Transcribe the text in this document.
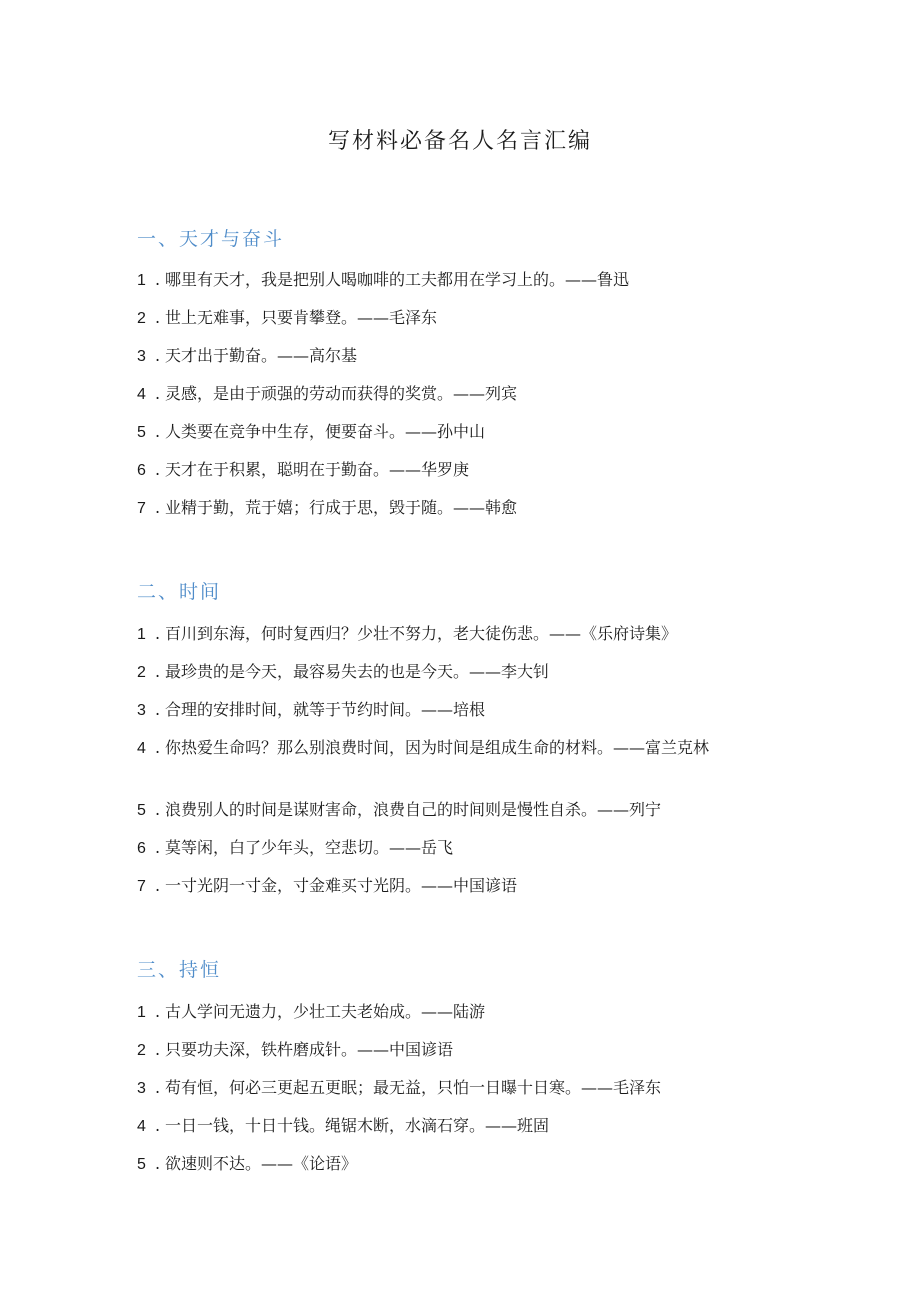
写材料必备名人名言汇编
一、天才与奋斗
1 . 哪里有天才，我是把别人喝咖啡的工夫都用在学习上的。——鲁迅
2 . 世上无难事，只要肯攀登。——毛泽东
3 . 天才出于勤奋。——高尔基
4 . 灵感，是由于顽强的劳动而获得的奖赏。——列宾
5 . 人类要在竞争中生存，便要奋斗。——孙中山
6 . 天才在于积累，聪明在于勤奋。——华罗庚
7 . 业精于勤，荒于嬉；行成于思，毁于随。——韩愈
二、时间
1 . 百川到东海，何时复西归？少壮不努力，老大徒伤悲。——《乐府诗集》
2 . 最珍贵的是今天，最容易失去的也是今天。——李大钊
3 . 合理的安排时间，就等于节约时间。——培根
4 . 你热爱生命吗？那么别浪费时间，因为时间是组成生命的材料。——富兰克林
5 . 浪费别人的时间是谋财害命，浪费自己的时间则是慢性自杀。——列宁
6 . 莫等闲，白了少年头，空悲切。——岳飞
7 . 一寸光阴一寸金，寸金难买寸光阴。——中国谚语
三、持恒
1 . 古人学问无遗力，少壮工夫老始成。——陆游
2 . 只要功夫深，铁杵磨成针。——中国谚语
3 . 苟有恒，何必三更起五更眠；最无益，只怕一日曝十日寒。——毛泽东
4 . 一日一钱，十日十钱。绳锯木断，水滴石穿。——班固
5 . 欲速则不达。——《论语》
